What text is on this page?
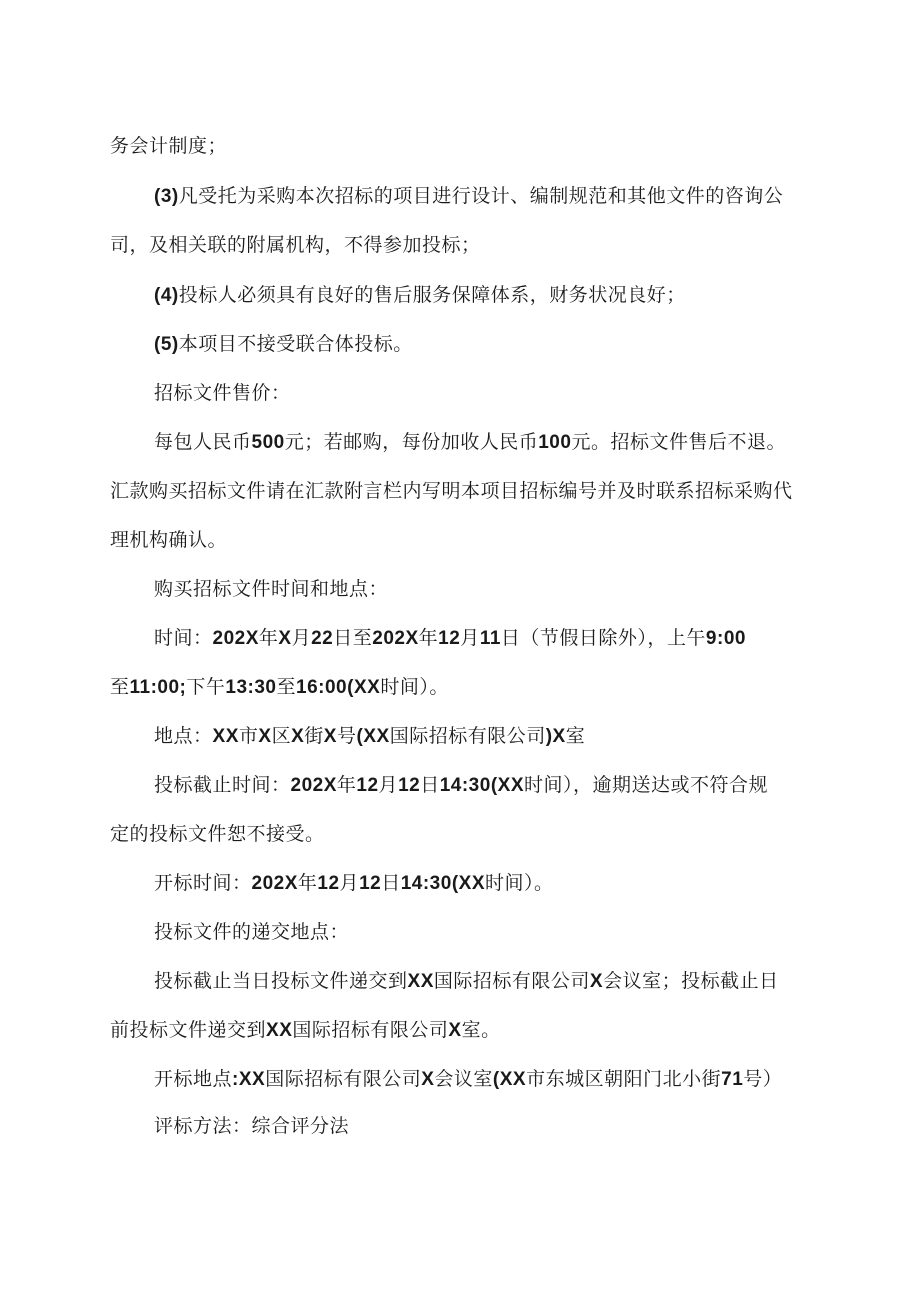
务会计制度；
(3)凡受托为采购本次招标的项目进行设计、编制规范和其他文件的咨询公
司，及相关联的附属机构，不得参加投标；
(4)投标人必须具有良好的售后服务保障体系，财务状况良好；
(5)本项目不接受联合体投标。
招标文件售价：
每包人民币500元；若邮购，每份加收人民币100元。招标文件售后不退。
汇款购买招标文件请在汇款附言栏内写明本项目招标编号并及时联系招标采购代
理机构确认。
购买招标文件时间和地点：
时间：202X年X月22日至202X年12月11日（节假日除外），上午9:00
至11:00;下午13:30至16:00(XX时间）。
地点：XX市X区X街X号(XX国际招标有限公司)X室
投标截止时间：202X年12月12日14:30(XX时间），逾期送达或不符合规
定的投标文件恕不接受。
开标时间：202X年12月12日14:30(XX时间）。
投标文件的递交地点：
投标截止当日投标文件递交到XX国际招标有限公司X会议室；投标截止日
前投标文件递交到XX国际招标有限公司X室。
开标地点:XX国际招标有限公司X会议室(XX市东城区朝阳门北小街71号）
评标方法：综合评分法
